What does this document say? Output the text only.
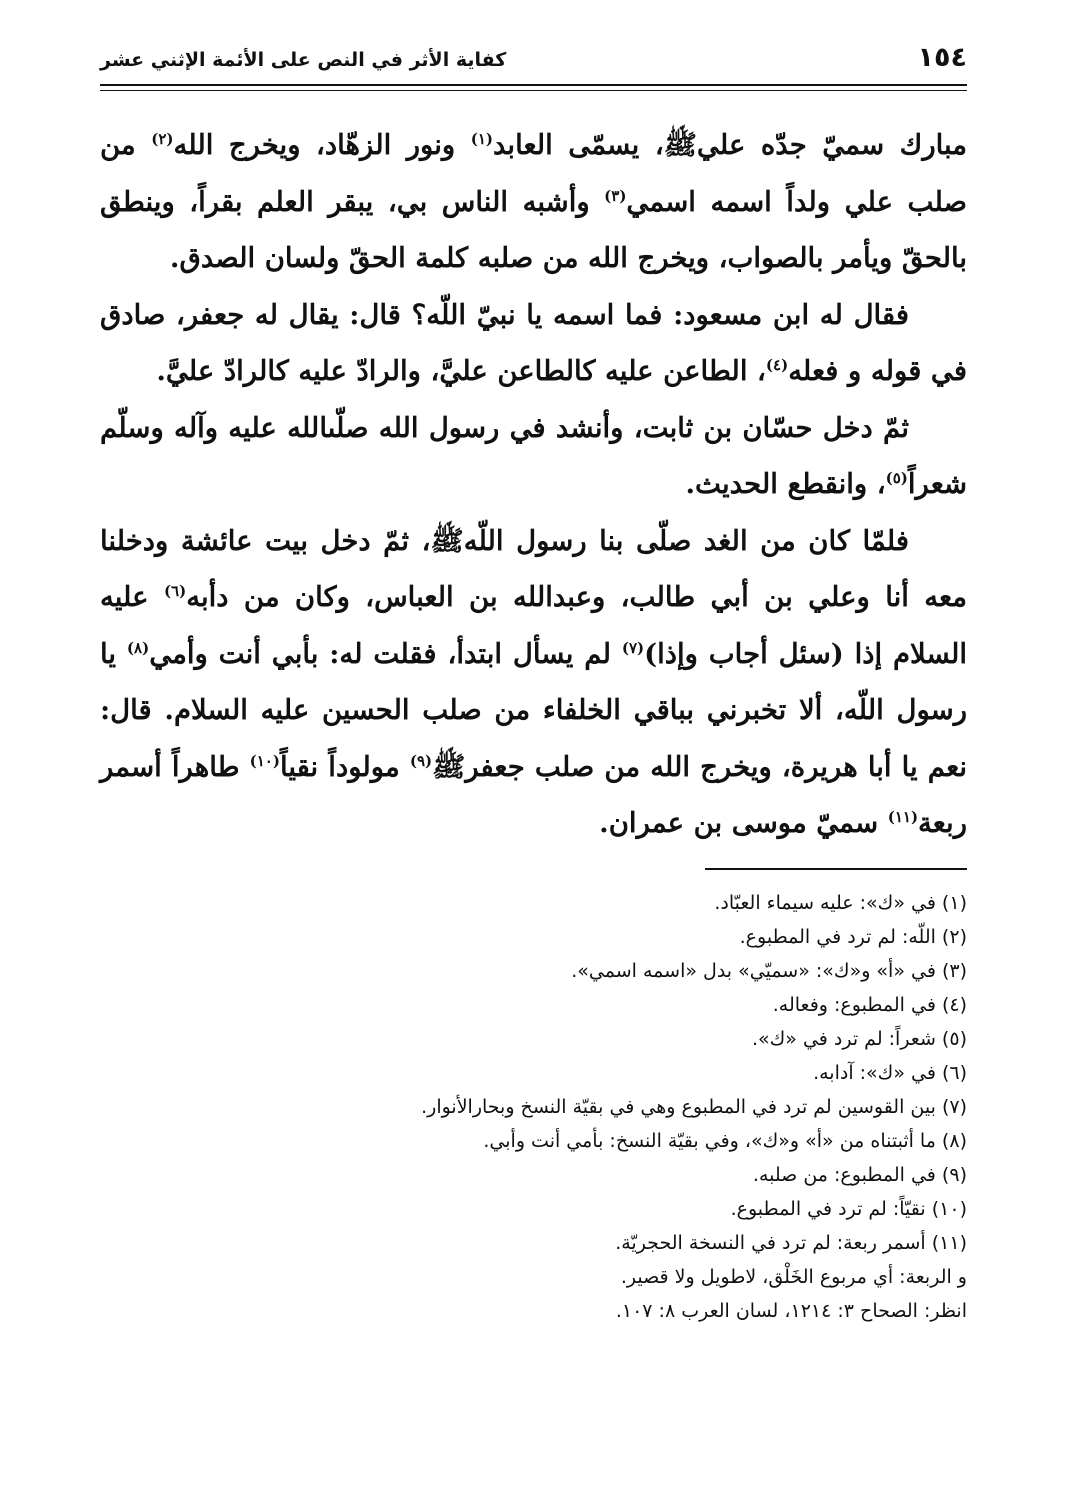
١٥٤
كفاية الأثر في النص على الأئمة الإثني عشر

مبارك سميّ جدّه عليﷺ، يسمّى العابد$^{(١)}$ ونور الزهّاد، ويخرج الله$^{(٢)}$ من صلب علي ولداً اسمه اسمي$^{(٣)}$ وأشبه الناس بي، يبقر العلم بقراً، وينطق بالحقّ ويأمر بالصواب، ويخرج الله من صلبه كلمة الحقّ ولسان الصدق.

فقال له ابن مسعود: فما اسمه يا نبيّ اللّه؟ قال: يقال له جعفر، صادق في قوله و فعله$^{(٤)}$، الطاعن عليه كالطاعن عليَّ، والرادّ عليه كالرادّ عليَّ.

ثمّ دخل حسّان بن ثابت، وأنشد في رسول الله صلّىالله عليه وآله وسلّم شعراً$^{(٥)}$، وانقطع الحديث.

فلمّا كان من الغد صلّى بنا رسول اللّهﷺ، ثمّ دخل بيت عائشة ودخلنا معه أنا وعلي بن أبي طالب، وعبدالله بن العباس، وكان من دأبه$^{(٦)}$ عليه السلام إذا (سئل أجاب وإذا)$^{(٧)}$ لم يسأل ابتدأ، فقلت له: بأبي أنت وأمي$^{(٨)}$ يا رسول اللّه، ألا تخبرني بباقي الخلفاء من صلب الحسين عليه السلام. قال: نعم يا أبا هريرة، ويخرج الله من صلب جعفرﷺ$^{(٩)}$ مولوداً نقياً$^{(١٠)}$ طاهراً أسمر ربعة$^{(١١)}$ سميّ موسى بن عمران.

(١) في «ك»: عليه سيماء العبّاد.

(٢) اللّه: لم ترد في المطبوع.

(٣) في «أ» و«ك»: «سميّي» بدل «اسمه اسمي».

(٤) في المطبوع: وفعاله.

(٥) شعراً: لم ترد في «ك».

(٦) في «ك»: آدابه.

(٧) بين القوسين لم ترد في المطبوع وهي في بقيّة النسخ وبحارالأنوار.

(٨) ما أثبتناه من «أ» و«ك»، وفي بقيّة النسخ: بأمي أنت وأبي.

(٩) في المطبوع: من صلبه.

(١٠) نقيّاً: لم ترد في المطبوع.

(١١) أسمر ربعة: لم ترد في النسخة الحجريّة.

و الربعة: أي مربوع الخَلْق، لاطويل ولا قصير.

انظر: الصحاح ٣: ١٢١٤، لسان العرب ٨: ١٠٧.
